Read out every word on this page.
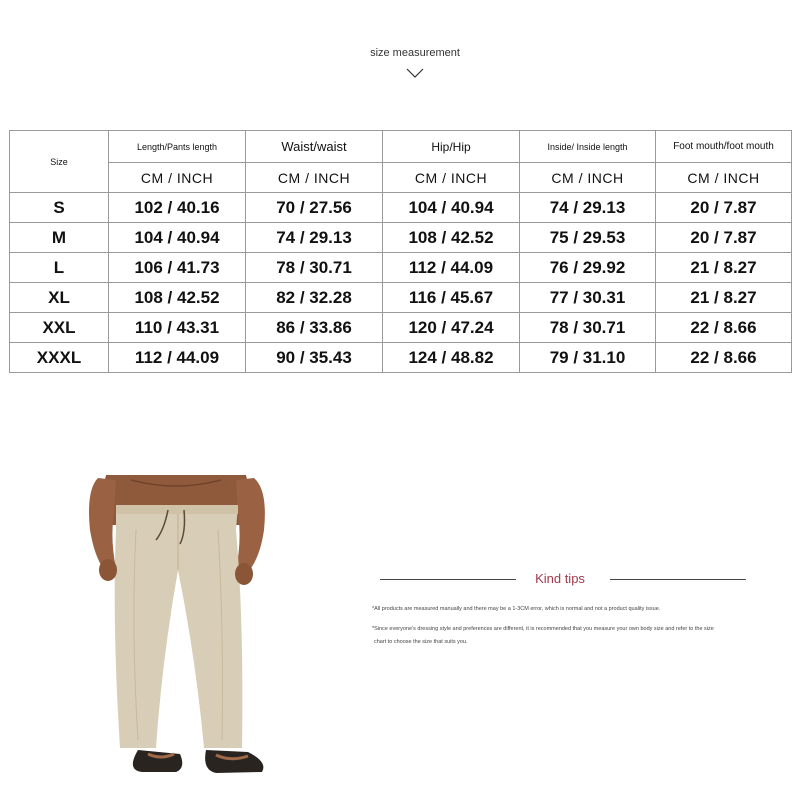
size measurement
Size	Length/Pants length	Waist/waist	Hip/Hip	Inside/ Inside length	Foot mouth/foot mouth
	CM / INCH	CM / INCH	CM / INCH	CM / INCH	CM / INCH
S	102 / 40.16	70 / 27.56	104 / 40.94	74 / 29.13	20 / 7.87
M	104 / 40.94	74 / 29.13	108 / 42.52	75 / 29.53	20 / 7.87
L	106 / 41.73	78 / 30.71	112 / 44.09	76 / 29.92	21 / 8.27
XL	108 / 42.52	82 / 32.28	116 / 45.67	77 / 30.31	21 / 8.27
XXL	110 / 43.31	86 / 33.86	120 / 47.24	78 / 30.71	22 / 8.66
XXXL	112 / 44.09	90 / 35.43	124 / 48.82	79 / 31.10	22 / 8.66
Kind tips
*All products are measured manually and there may be a 1-3CM error, which is normal and not a product quality issue.
*Since everyone's dressing style and preferences are different, it is recommended that you measure your own body size and refer to the size
chart to choose the size that suits you.
